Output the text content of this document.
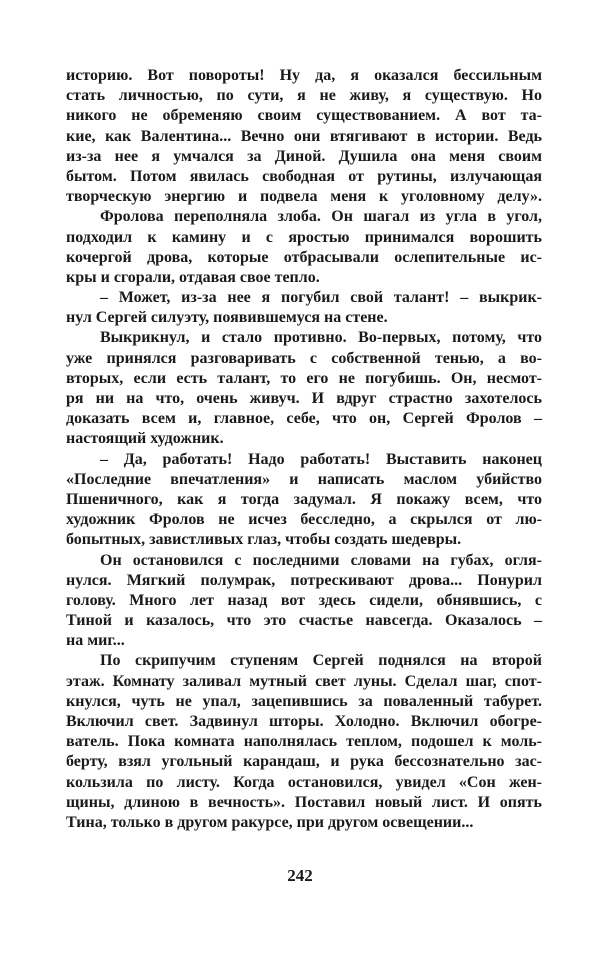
историю. Вот повороты! Ну да, я оказался бессильным
стать личностью, по сути, я не живу, я существую. Но
никого не обременяю своим существованием. А вот та-
кие, как Валентина... Вечно они втягивают в истории. Ведь
из-за нее я умчался за Диной. Душила она меня своим
бытом. Потом явилась свободная от рутины, излучающая
творческую энергию и подвела меня к уголовному делу».
Фролова переполняла злоба. Он шагал из угла в угол,
подходил к камину и с яростью принимался ворошить
кочергой дрова, которые отбрасывали ослепительные ис-
кры и сгорали, отдавая свое тепло.
– Может, из-за нее я погубил свой талант! – выкрик-
нул Сергей силуэту, появившемуся на стене.
Выкрикнул, и стало противно. Во-первых, потому, что
уже принялся разговаривать с собственной тенью, а во-
вторых, если есть талант, то его не погубишь. Он, несмот-
ря ни на что, очень живуч. И вдруг страстно захотелось
доказать всем и, главное, себе, что он, Сергей Фролов –
настоящий художник.
– Да, работать! Надо работать! Выставить наконец
«Последние впечатления» и написать маслом убийство
Пшеничного, как я тогда задумал. Я покажу всем, что
художник Фролов не исчез бесследно, а скрылся от лю-
бопытных, завистливых глаз, чтобы создать шедевры.
Он остановился с последними словами на губах, огля-
нулся. Мягкий полумрак, потрескивают дрова... Понурил
голову. Много лет назад вот здесь сидели, обнявшись, с
Тиной и казалось, что это счастье навсегда. Оказалось –
на миг...
По скрипучим ступеням Сергей поднялся на второй
этаж. Комнату заливал мутный свет луны. Сделал шаг, спот-
кнулся, чуть не упал, зацепившись за поваленный табурет.
Включил свет. Задвинул шторы. Холодно. Включил обогре-
ватель. Пока комната наполнялась теплом, подошел к моль-
берту, взял угольный карандаш, и рука бессознательно зас-
кользила по листу. Когда остановился, увидел «Сон жен-
щины, длиною в вечность». Поставил новый лист. И опять
Тина, только в другом ракурсе, при другом освещении...
242
